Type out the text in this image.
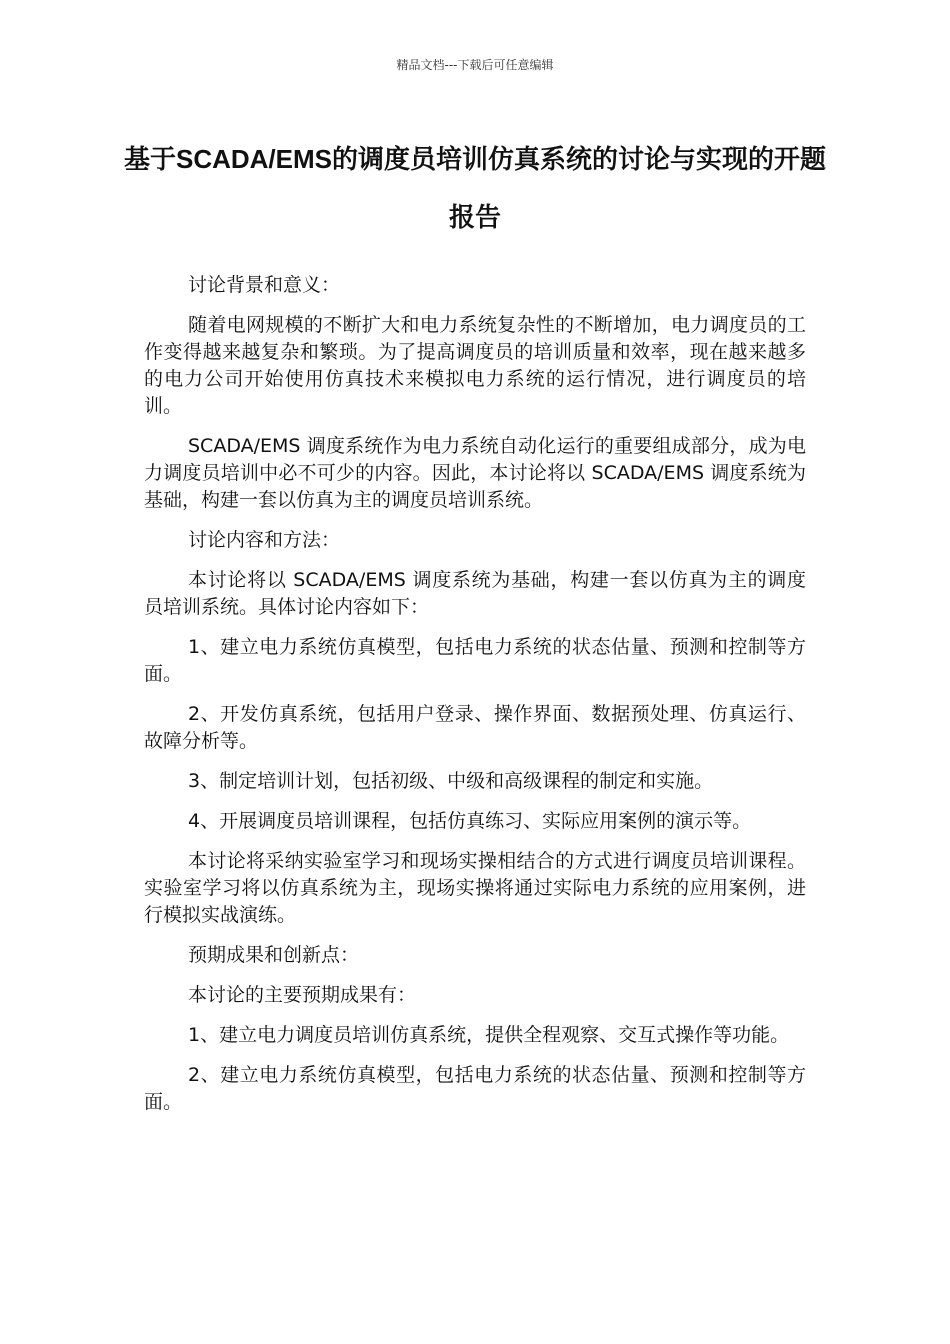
精品文档---下载后可任意编辑
基于SCADA/EMS的调度员培训仿真系统的讨论与实现的开题报告

讨论背景和意义：

随着电网规模的不断扩大和电力系统复杂性的不断增加，电力调度员的工作变得越来越复杂和繁琐。为了提高调度员的培训质量和效率，现在越来越多的电力公司开始使用仿真技术来模拟电力系统的运行情况，进行调度员的培训。

SCADA/EMS 调度系统作为电力系统自动化运行的重要组成部分，成为电力调度员培训中必不可少的内容。因此，本讨论将以 SCADA/EMS 调度系统为基础，构建一套以仿真为主的调度员培训系统。

讨论内容和方法：

本讨论将以 SCADA/EMS 调度系统为基础，构建一套以仿真为主的调度员培训系统。具体讨论内容如下：

1、建立电力系统仿真模型，包括电力系统的状态估量、预测和控制等方面。

2、开发仿真系统，包括用户登录、操作界面、数据预处理、仿真运行、故障分析等。

3、制定培训计划，包括初级、中级和高级课程的制定和实施。

4、开展调度员培训课程，包括仿真练习、实际应用案例的演示等。

本讨论将采纳实验室学习和现场实操相结合的方式进行调度员培训课程。实验室学习将以仿真系统为主，现场实操将通过实际电力系统的应用案例，进行模拟实战演练。

预期成果和创新点：

本讨论的主要预期成果有：

1、建立电力调度员培训仿真系统，提供全程观察、交互式操作等功能。

2、建立电力系统仿真模型，包括电力系统的状态估量、预测和控制等方面。
